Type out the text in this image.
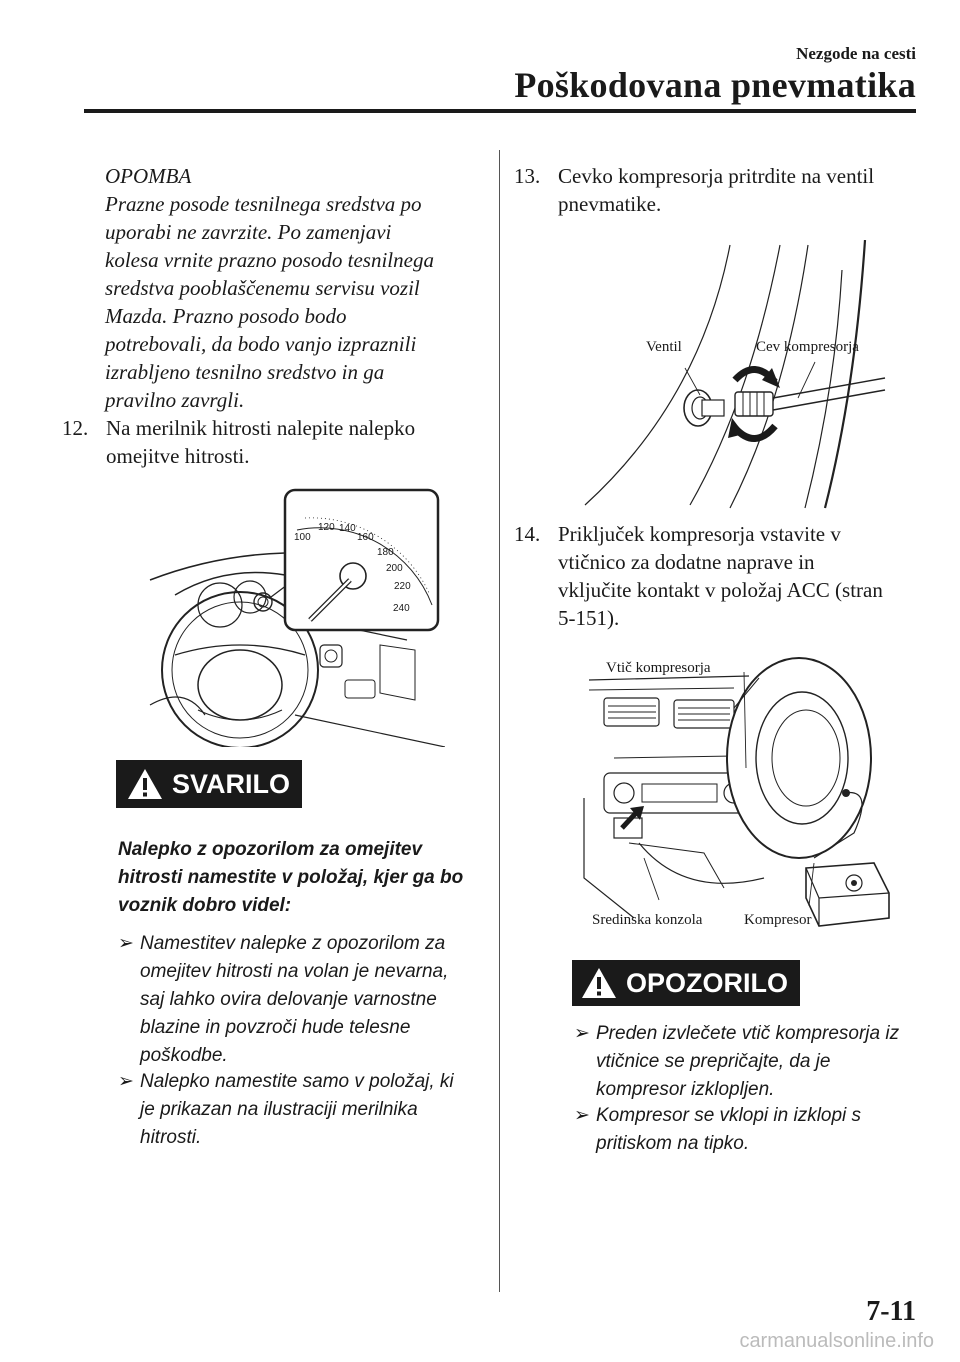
Nezgode na cesti
Poškodovana pnevmatika
OPOMBA
Prazne posode tesnilnega sredstva po
uporabi ne zavrzite. Po zamenjavi
kolesa vrnite prazno posodo tesnilnega
sredstva pooblaščenemu servisu vozil
Mazda. Prazno posodo bodo
potrebovali, da bodo vanjo izpraznili
izrabljeno tesnilno sredstvo in ga
pravilno zavrgli.
12. Na merilnik hitrosti nalepite nalepko
omejitve hitrosti.
100
120 140
160
180
200
220
240
SVARILO
Nalepko z opozorilom za omejitev
hitrosti namestite v položaj, kjer ga bo
voznik dobro videl:
➢ Namestitev nalepke z opozorilom za
omejitev hitrosti na volan je nevarna,
saj lahko ovira delovanje varnostne
blazine in povzroči hude telesne
poškodbe.
➢ Nalepko namestite samo v položaj, ki
je prikazan na ilustraciji merilnika
hitrosti.
13. Cevko kompresorja pritrdite na ventil
pnevmatike.
Ventil	Cev kompresorja
14. Priključek kompresorja vstavite v
vtičnico za dodatne naprave in
vključite kontakt v položaj ACC (stran
5-151).
Vtič kompresorja
Sredinska konzola	Kompresor
OPOZORILO
➢ Preden izvlečete vtič kompresorja iz
vtičnice se prepričajte, da je
kompresor izklopljen.
➢ Kompresor se vklopi in izklopi s
pritiskom na tipko.
7-11
carmanualsonline.info
